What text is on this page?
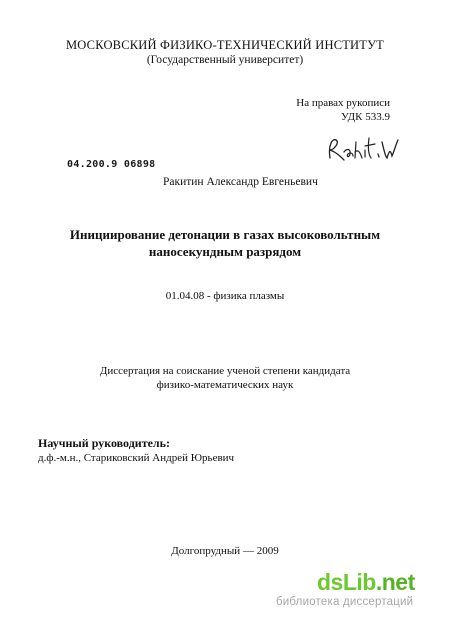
МОСКОВСКИЙ ФИЗИКО-ТЕХНИЧЕСКИЙ ИНСТИТУТ
(Государственный университет)
На правах рукописи
УДК 533.9
04.200.9 06898
Ракитин Александр Евгеньевич
Инициирование детонации в газах высоковольтным
наносекундным разрядом
01.04.08 - физика плазмы
Диссертация на соискание ученой степени кандидата
физико-математических наук
Научный руководитель:
д.ф.-м.н., Стариковский Андрей Юрьевич
Долгопрудный — 2009
dsLib.net
библиотека диссертаций
